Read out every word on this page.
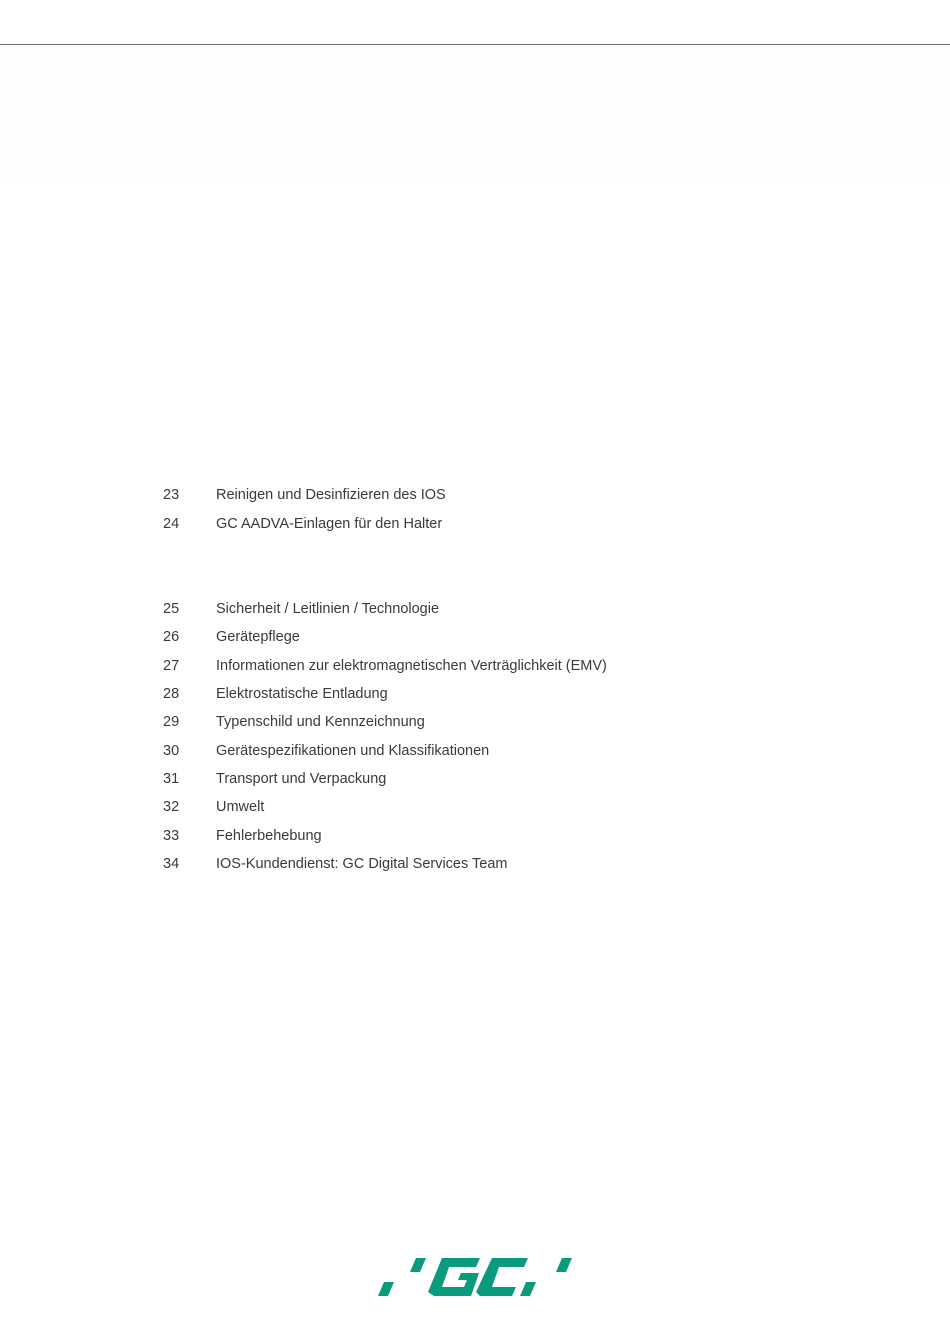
23	Reinigen und Desinfizieren des IOS
24	GC AADVA-Einlagen für den Halter
25	Sicherheit / Leitlinien / Technologie
26	Gerätepflege
27	Informationen zur elektromagnetischen Verträglichkeit (EMV)
28	Elektrostatische Entladung
29	Typenschild und Kennzeichnung
30	Gerätespezifikationen und Klassifikationen
31	Transport und Verpackung
32	Umwelt
33	Fehlerbehebung
34	IOS-Kundendienst: GC Digital Services Team
